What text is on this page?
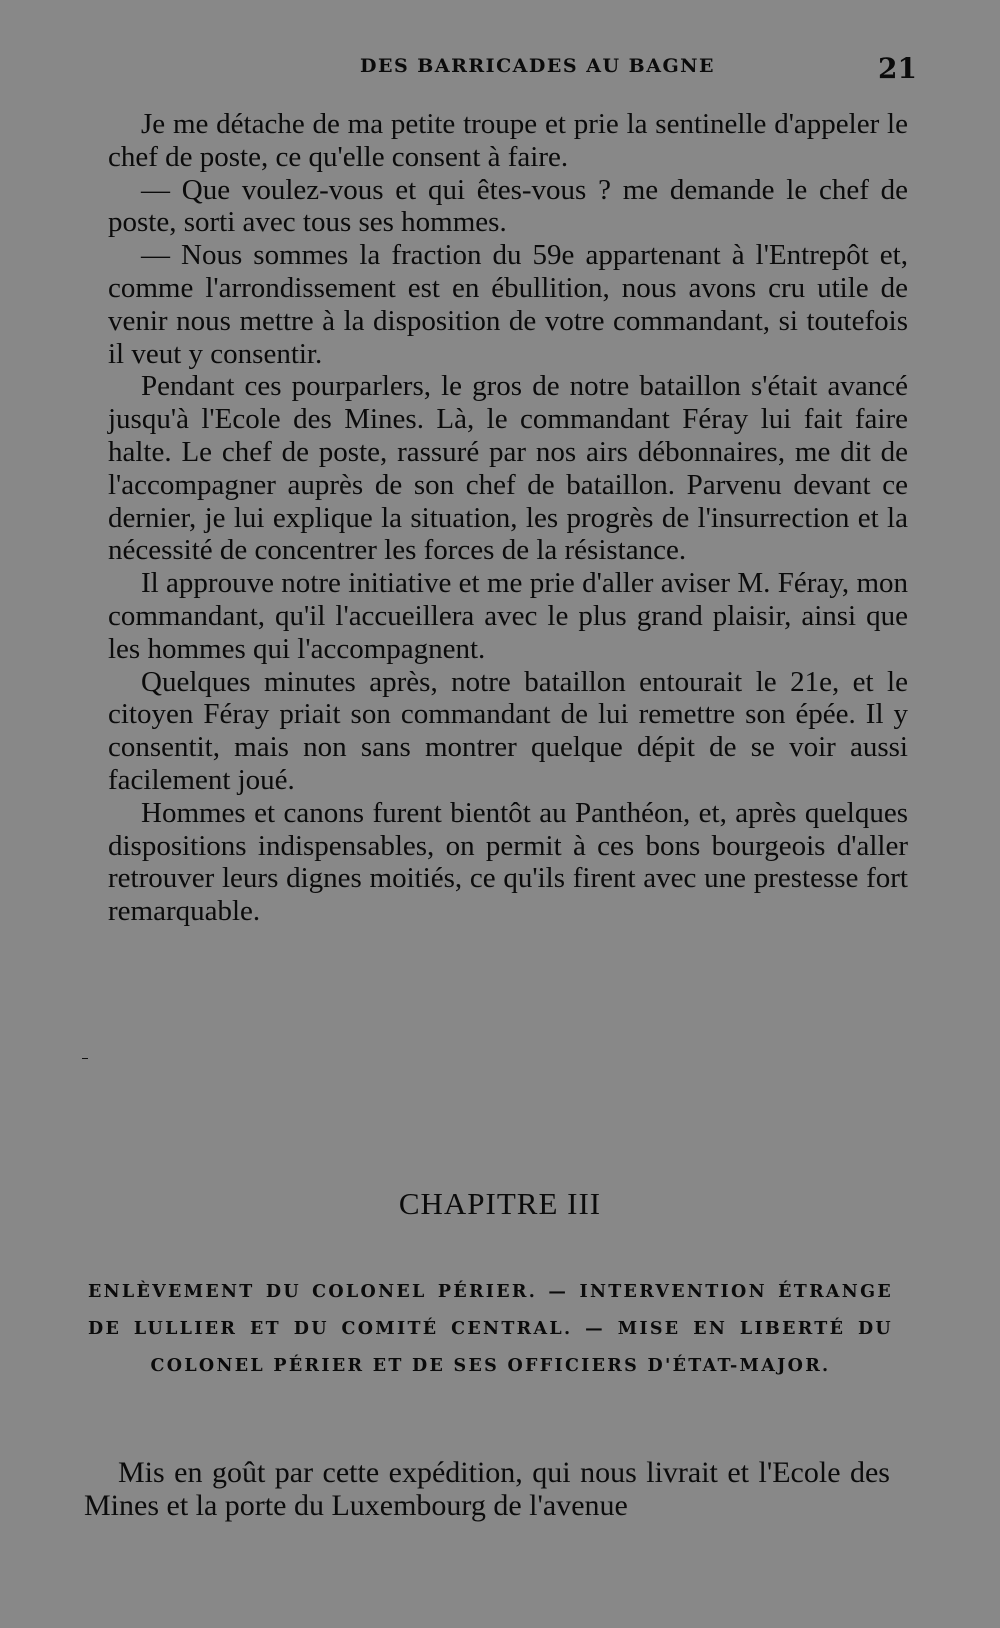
DES BARRICADES AU BAGNE	21

Je me détache de ma petite troupe et prie la sentinelle d'appeler le chef de poste, ce qu'elle consent à faire.

— Que voulez-vous et qui êtes-vous ? me demande le chef de poste, sorti avec tous ses hommes.

— Nous sommes la fraction du 59e appartenant à l'Entrepôt et, comme l'arrondissement est en ébullition, nous avons cru utile de venir nous mettre à la disposition de votre commandant, si toutefois il veut y consentir.

Pendant ces pourparlers, le gros de notre bataillon s'était avancé jusqu'à l'Ecole des Mines. Là, le commandant Féray lui fait faire halte. Le chef de poste, rassuré par nos airs débonnaires, me dit de l'accompagner auprès de son chef de bataillon. Parvenu devant ce dernier, je lui explique la situation, les progrès de l'insurrection et la nécessité de concentrer les forces de la résistance.

Il approuve notre initiative et me prie d'aller aviser M. Féray, mon commandant, qu'il l'accueillera avec le plus grand plaisir, ainsi que les hommes qui l'accompagnent.

Quelques minutes après, notre bataillon entourait le 21e, et le citoyen Féray priait son commandant de lui remettre son épée. Il y consentit, mais non sans montrer quelque dépit de se voir aussi facilement joué.

Hommes et canons furent bientôt au Panthéon, et, après quelques dispositions indispensables, on permit à ces bons bourgeois d'aller retrouver leurs dignes moitiés, ce qu'ils firent avec une prestesse fort remarquable.

CHAPITRE III
ENLÈVEMENT DU COLONEL PÉRIER. — INTERVENTION ÉTRANGE DE LULLIER ET DU COMITÉ CENTRAL. — MISE EN LIBERTÉ DU COLONEL PÉRIER ET DE SES OFFICIERS D'ÉTAT-MAJOR.

Mis en goût par cette expédition, qui nous livrait et l'Ecole des Mines et la porte du Luxembourg de l'avenue
